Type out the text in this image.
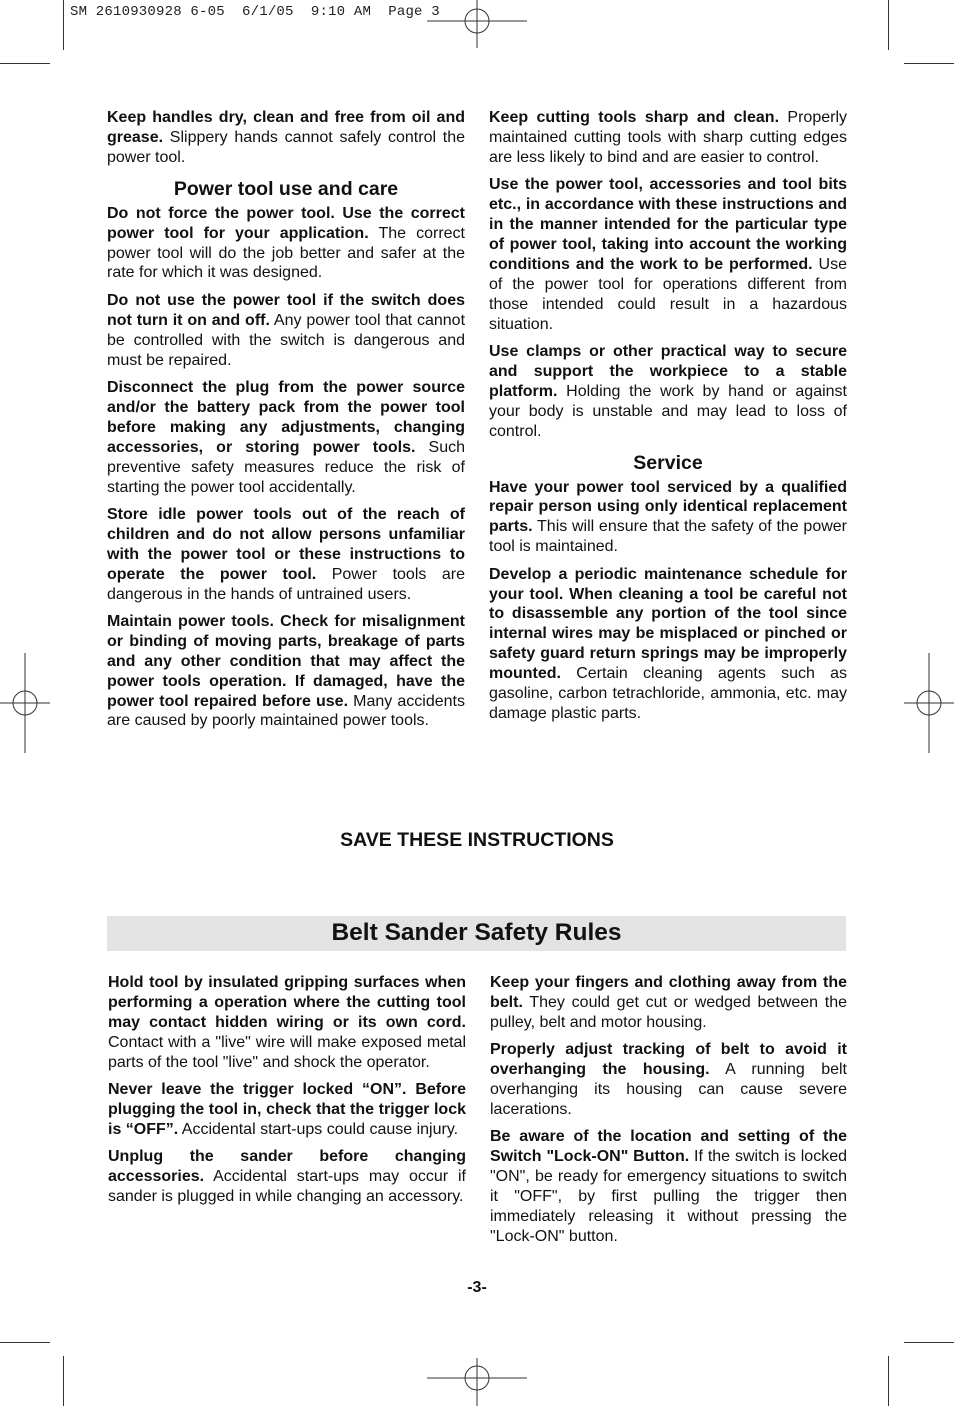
SM 2610930928 6-05  6/1/05  9:10 AM  Page 3

Keep handles dry, clean and free from oil and grease. Slippery hands cannot safely control the power tool.

Power tool use and care

Do not force the power tool. Use the correct power tool for your application. The correct power tool will do the job better and safer at the rate for which it was designed.

Do not use the power tool if the switch does not turn it on and off. Any power tool that cannot be controlled with the switch is dangerous and must be repaired.

Disconnect the plug from the power source and/or the battery pack from the power tool before making any adjustments, changing accessories, or storing power tools. Such preventive safety measures reduce the risk of starting the power tool accidentally.

Store idle power tools out of the reach of children and do not allow persons unfamiliar with the power tool or these instructions to operate the power tool. Power tools are dangerous in the hands of untrained users.

Maintain power tools. Check for misalignment or binding of moving parts, breakage of parts and any other condition that may affect the power tools operation. If damaged, have the power tool repaired before use. Many accidents are caused by poorly maintained power tools.

Keep cutting tools sharp and clean. Properly maintained cutting tools with sharp cutting edges are less likely to bind and are easier to control.

Use the power tool, accessories and tool bits etc., in accordance with these instructions and in the manner intended for the particular type of power tool, taking into account the working conditions and the work to be performed. Use of the power tool for operations different from those intended could result in a hazardous situation.

Use clamps or other practical way to secure and support the workpiece to a stable platform. Holding the work by hand or against your body is unstable and may lead to loss of control.

Service

Have your power tool serviced by a qualified repair person using only identical replacement parts. This will ensure that the safety of the power tool is maintained.

Develop a periodic maintenance schedule for your tool. When cleaning a tool be careful not to disassemble any portion of the tool since internal wires may be misplaced or pinched or safety guard return springs may be improperly mounted. Certain cleaning agents such as gasoline, carbon tetrachloride, ammonia, etc. may damage plastic parts.

SAVE THESE INSTRUCTIONS
Belt Sander Safety Rules

Hold tool by insulated gripping surfaces when performing a operation where the cutting tool may contact hidden wiring or its own cord. Contact with a "live" wire will make exposed metal parts of the tool "live" and shock the operator.

Never leave the trigger locked “ON”. Before plugging the tool in, check that the trigger lock is “OFF”. Accidental start-ups could cause injury.

Unplug the sander before changing accessories. Accidental start-ups may occur if sander is plugged in while changing an accessory.

Keep your fingers and clothing away from the belt. They could get cut or wedged between the pulley, belt and motor housing.

Properly adjust tracking of belt to avoid it overhanging the housing. A running belt overhanging its housing can cause severe lacerations.

Be aware of the location and setting of the Switch "Lock-ON" Button. If the switch is locked "ON", be ready for emergency situations to switch it "OFF", by first pulling the trigger then immediately releasing it without pressing the "Lock-ON" button.

-3-
